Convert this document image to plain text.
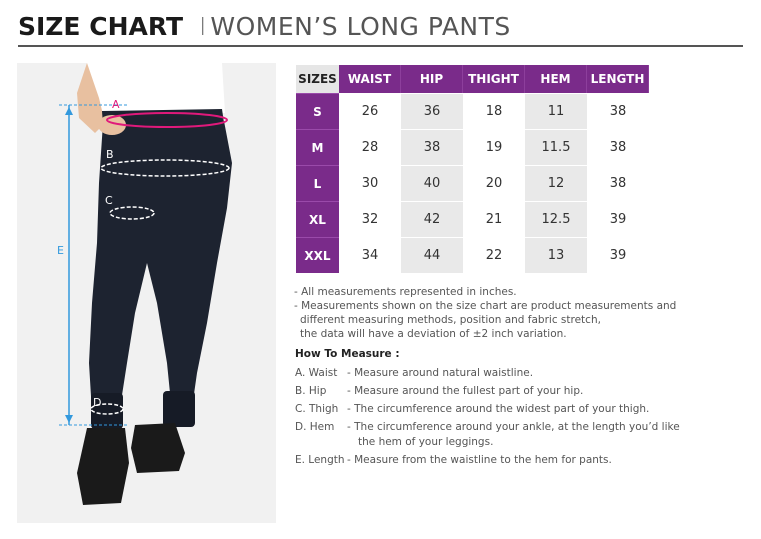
SIZE CHART I WOMEN’S LONG PANTS
E
A
B
C
D
SIZES	WAIST	HIP	THIGHT	HEM	LENGTH
S	26	36	18	11	38
M	28	38	19	11.5	38
L	30	40	20	12	38
XL	32	42	21	12.5	39
XXL	34	44	22	13	39

- All measurements represented in inches.

- Measurements shown on the size chart are product measurements and

different measuring methods, position and fabric stretch,

the data will have a deviation of ±2 inch variation.

How To Measure :
A. Waist - Measure around natural waistline.
B. Hip	- Measure around the fullest part of your hip.
C. Thigh - The circumference around the widest part of your thigh.
D. Hem	- The circumference around your ankle, at the length you’d like
the hem of your leggings.
E. Length - Measure from the waistline to the hem for pants.
